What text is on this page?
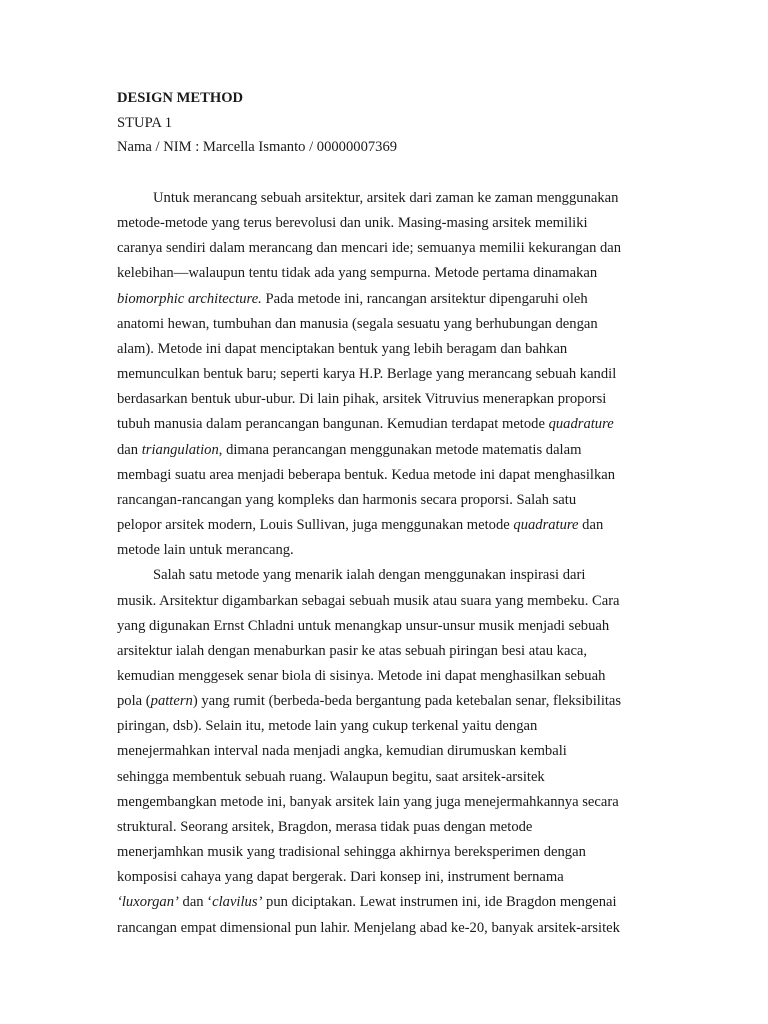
DESIGN METHOD
STUPA 1
Nama / NIM : Marcella Ismanto / 00000007369
Untuk merancang sebuah arsitektur, arsitek dari zaman ke zaman menggunakan
metode-metode yang terus berevolusi dan unik. Masing-masing arsitek memiliki
caranya sendiri dalam merancang dan mencari ide; semuanya memilii kekurangan dan
kelebihan—walaupun tentu tidak ada yang sempurna. Metode pertama dinamakan
biomorphic architecture. Pada metode ini, rancangan arsitektur dipengaruhi oleh
anatomi hewan, tumbuhan dan manusia (segala sesuatu yang berhubungan dengan
alam). Metode ini dapat menciptakan bentuk yang lebih beragam dan bahkan
memunculkan bentuk baru; seperti karya H.P. Berlage yang merancang sebuah kandil
berdasarkan bentuk ubur-ubur. Di lain pihak, arsitek Vitruvius menerapkan proporsi
tubuh manusia dalam perancangan bangunan. Kemudian terdapat metode quadrature
dan triangulation, dimana perancangan menggunakan metode matematis dalam
membagi suatu area menjadi beberapa bentuk. Kedua metode ini dapat menghasilkan
rancangan-rancangan yang kompleks dan harmonis secara proporsi. Salah satu
pelopor arsitek modern, Louis Sullivan, juga menggunakan metode quadrature dan
metode lain untuk merancang.
Salah satu metode yang menarik ialah dengan menggunakan inspirasi dari
musik. Arsitektur digambarkan sebagai sebuah musik atau suara yang membeku. Cara
yang digunakan Ernst Chladni untuk menangkap unsur-unsur musik menjadi sebuah
arsitektur ialah dengan menaburkan pasir ke atas sebuah piringan besi atau kaca,
kemudian menggesek senar biola di sisinya. Metode ini dapat menghasilkan sebuah
pola (pattern) yang rumit (berbeda-beda bergantung pada ketebalan senar, fleksibilitas
piringan, dsb). Selain itu, metode lain yang cukup terkenal yaitu dengan
menejermahkan interval nada menjadi angka, kemudian dirumuskan kembali
sehingga membentuk sebuah ruang. Walaupun begitu, saat arsitek-arsitek
mengembangkan metode ini, banyak arsitek lain yang juga menejermahkannya secara
struktural. Seorang arsitek, Bragdon, merasa tidak puas dengan metode
menerjamhkan musik yang tradisional sehingga akhirnya bereksperimen dengan
komposisi cahaya yang dapat bergerak. Dari konsep ini, instrument bernama
‘luxorgan’ dan ‘clavilus’ pun diciptakan. Lewat instrumen ini, ide Bragdon mengenai
rancangan empat dimensional pun lahir. Menjelang abad ke-20, banyak arsitek-arsitek
